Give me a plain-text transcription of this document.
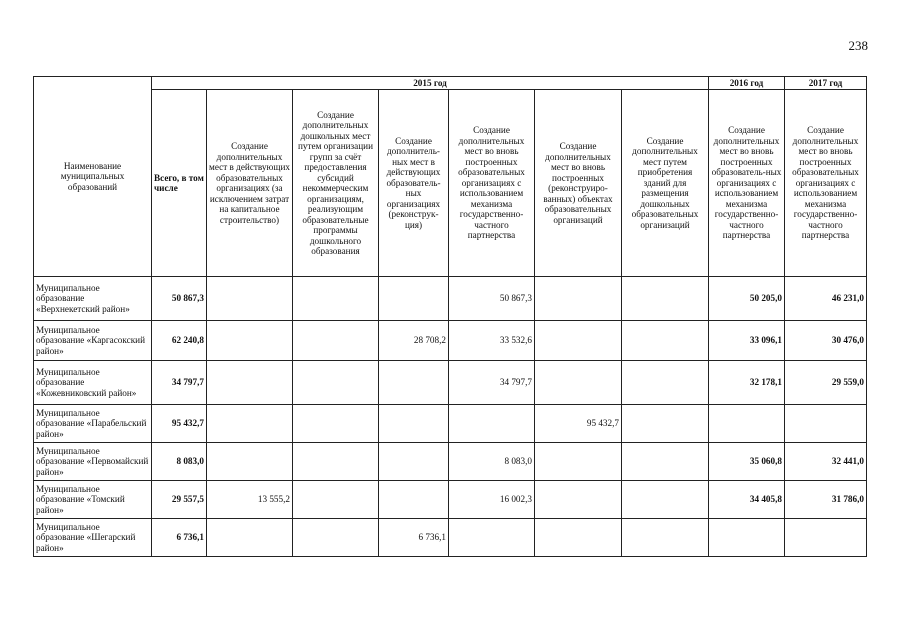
238
Наименование муниципальных образований	2015 год							2016 год	2017 год
	Всего, в том числе	Создание дополнительных мест в действующих образовательных организациях (за исключением затрат на капитальное строительство)	Создание дополнительных дошкольных мест путем организации групп за счёт предоставления субсидий некоммерческим организациям, реализующим образовательные программы дошкольного образования	Создание дополнитель-ных мест в действующих образователь-ных организациях (реконструк-ция)	Создание дополнительных мест во вновь построенных образовательных организациях с использованием механизма государственно-частного партнерства	Создание дополнительных мест во вновь построенных (реконструиро-ванных) объектах образовательных организаций	Создание дополнительных мест путем приобретения зданий для размещения дошкольных образовательных организаций	Создание дополнительных мест во вновь построенных образователь-ных организациях с использованием механизма государственно-частного партнерства	Создание дополнительных мест во вновь построенных образовательных организациях с использованием механизма государственно-частного партнерства
Муниципальное образование «Верхнекетский район»	50 867,3				50 867,3			50 205,0	46 231,0
Муниципальное образование «Каргасокский район»	62 240,8			28 708,2	33 532,6			33 096,1	30 476,0
Муниципальное образование «Кожевниковский район»	34 797,7				34 797,7			32 178,1	29 559,0
Муниципальное образование «Парабельский район»	95 432,7					95 432,7			
Муниципальное образование «Первомайский район»	8 083,0				8 083,0			35 060,8	32 441,0
Муниципальное образование «Томский район»	29 557,5	13 555,2			16 002,3			34 405,8	31 786,0
Муниципальное образование «Шегарский район»	6 736,1			6 736,1					
